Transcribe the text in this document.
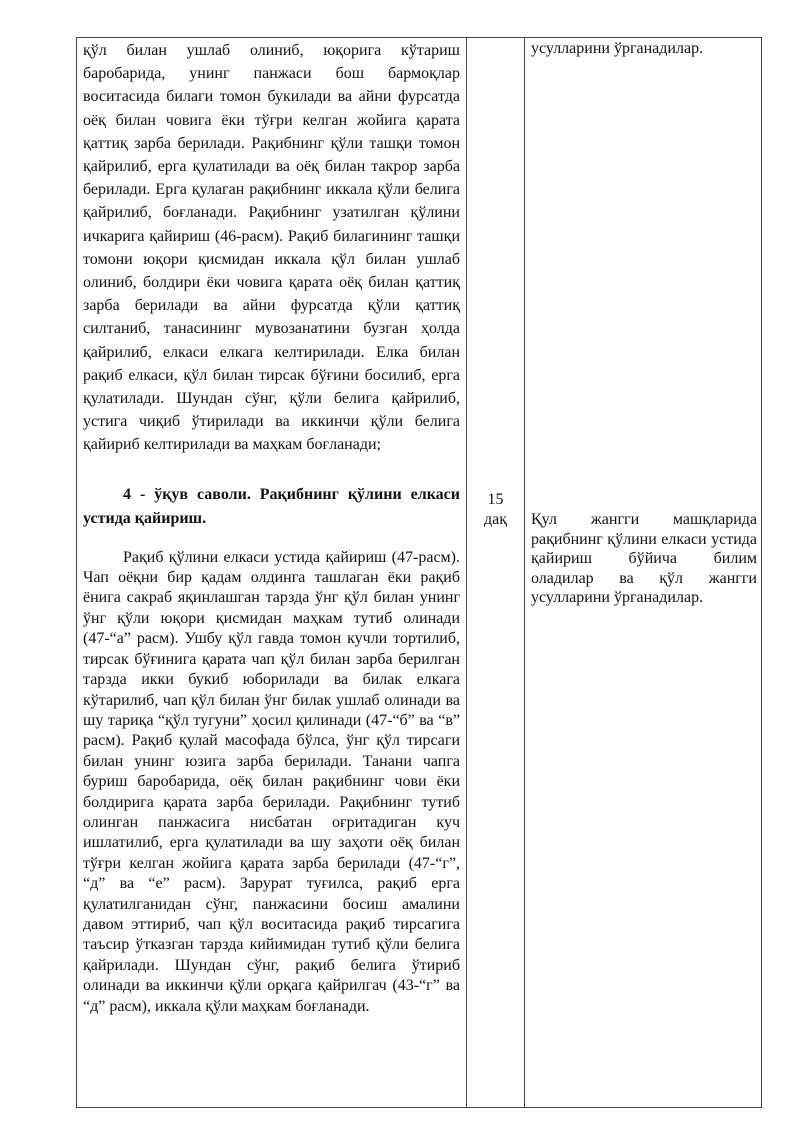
қўл билан ушлаб олиниб, юқорига кўтариш баробарида, унинг панжаси бош бармоқлар воситасида билаги томон букилади ва айни фурсатда оёқ билан човига ёки тўғри келган жойига қарата қаттиқ зарба берилади. Рақибнинг қўли ташқи томон қайрилиб, ерга қулатилади ва оёқ билан такрор зарба берилади. Ерга қулаган рақибнинг иккала қўли белига қайрилиб, боғланади. Рақибнинг узатилган қўлини ичкарига қайириш (46-расм). Рақиб билагининг ташқи томони юқори қисмидан иккала қўл билан ушлаб олиниб, болдири ёки човига қарата оёқ билан қаттиқ зарба берилади ва айни фурсатда қўли қаттиқ силтаниб, танасининг мувозанатини бузган ҳолда қайрилиб, елкаси елкага келтирилади. Елка билан рақиб елкаси, қўл билан тирсак бўғини босилиб, ерга қулатилади. Шундан сўнг, қўли белига қайрилиб, устига чиқиб ўтирилади ва иккинчи қўли белига қайириб келтирилади ва маҳкам боғланади;

4 - ўқув саволи. Рақибнинг қўлини елкаси устида қайириш.

Рақиб қўлини елкаси устида қайириш (47-расм). Чап оёқни бир қадам олдинга ташлаган ёки рақиб ёнига сакраб яқинлашган тарзда ўнг қўл билан унинг ўнг қўли юқори қисмидан маҳкам тутиб олинади (47-“а” расм). Ушбу қўл гавда томон кучли тортилиб, тирсак бўғинига қарата чап қўл билан зарба берилган тарзда икки букиб юборилади ва билак елкага кўтарилиб, чап қўл билан ўнг билак ушлаб олинади ва шу тариқа “қўл тугуни” ҳосил қилинади (47-“б” ва “в” расм). Рақиб қулай масофада бўлса, ўнг қўл тирсаги билан унинг юзига зарба берилади. Танани чапга буриш баробарида, оёқ билан рақибнинг чови ёки болдирига қарата зарба берилади. Рақибнинг тутиб олинган панжасига нисбатан оғритадиган куч ишлатилиб, ерга қулатилади ва шу заҳоти оёқ билан тўғри келган жойига қарата зарба берилади (47-“г”, “д” ва “е” расм). Зарурат туғилса, рақиб ерга қулатилганидан сўнг, панжасини босиш амалини давом эттириб, чап қўл воситасида рақиб тирсагига таъсир ўтказган тарзда кийимидан тутиб қўли белига қайрилади. Шундан сўнг, рақиб белига ўтириб олинади ва иккинчи қўли орқага қайрилгач (43-“г” ва “д” расм), иккала қўли маҳкам боғланади.

15
дақ

усулларини ўрганадилар.

Қул жангги машқларида рақибнинг қўлини елкаси устида қайириш бўйича билим оладилар ва қўл жангги усулларини ўрганадилар.
